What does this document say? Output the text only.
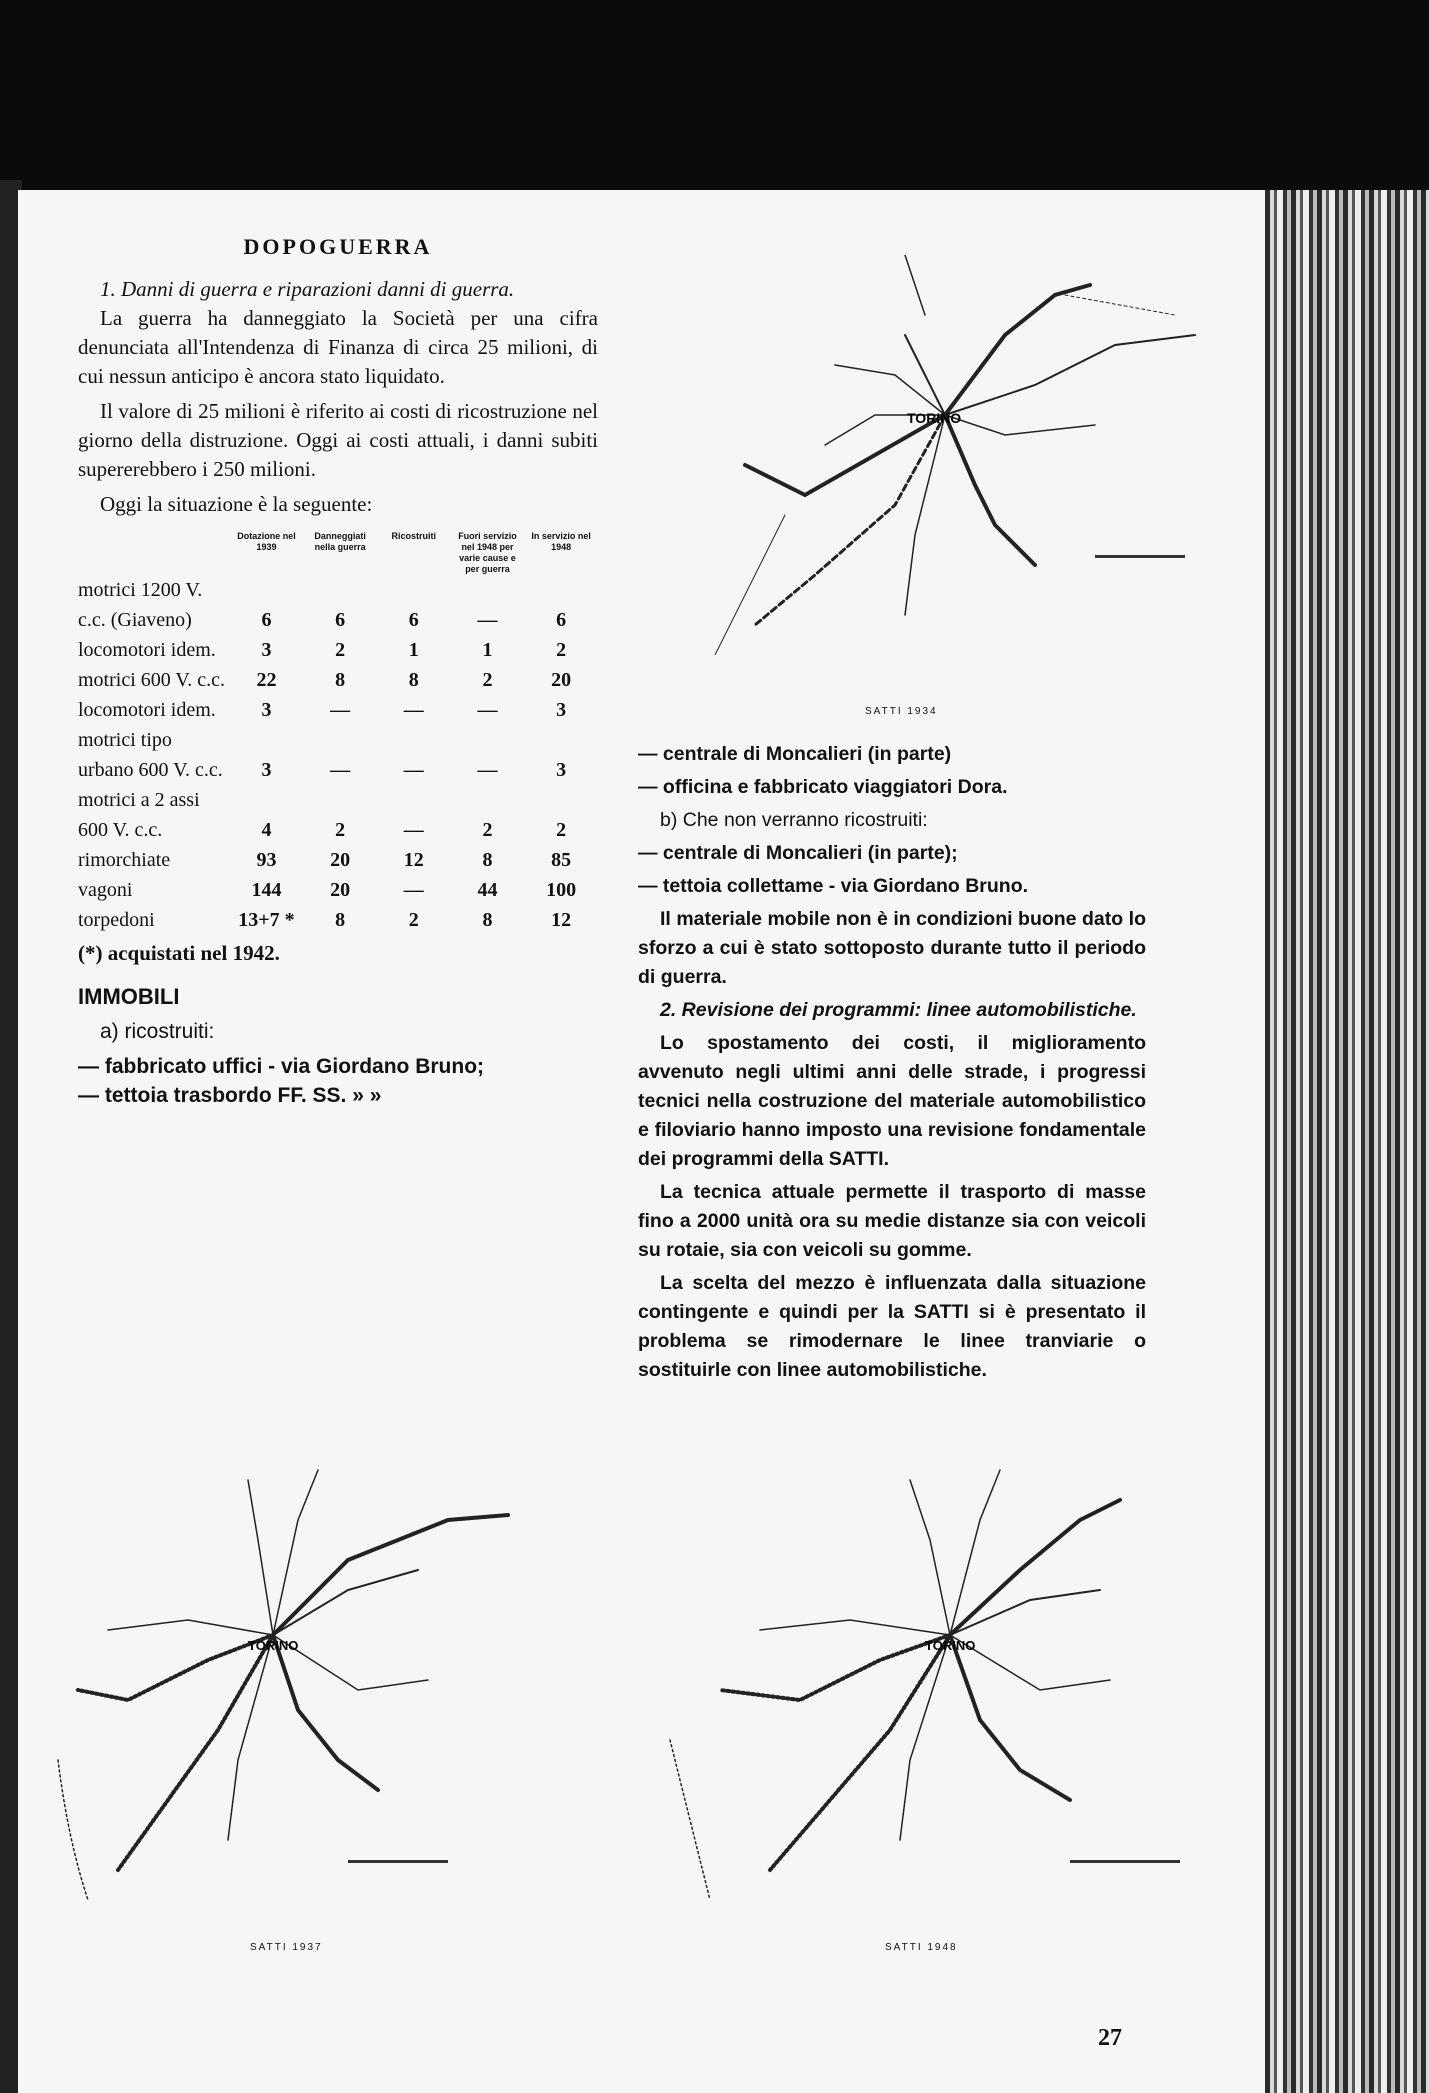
DOPOGUERRA

1. Danni di guerra e riparazioni danni di guerra.

La guerra ha danneggiato la Società per una cifra denunciata all'Intendenza di Finanza di circa 25 milioni, di cui nessun anticipo è ancora stato liquidato.

Il valore di 25 milioni è riferito ai costi di ricostruzione nel giorno della distruzione. Oggi ai costi attuali, i danni subiti supererebbero i 250 milioni.

Oggi la situazione è la seguente:

	Dotazione nel 1939	Danneggiati nella guerra	Ricostruiti	Fuori servizio nel 1948 per varie cause e per guerra	In servizio nel 1948
motrici 1200 V. c.c. (Giaveno)	6	6	6	—	6
locomotori idem.	3	2	1	1	2
motrici 600 V. c.c.	22	8	8	2	20
locomotori idem.	3	—	—	—	3
motrici tipo urbano 600 V. c.c.	3	—	—	—	3
motrici a 2 assi 600 V. c.c.	4	2	—	2	2
rimorchiate	93	20	12	8	85
vagoni	144	20	—	44	100
torpedoni	13+7 *	8	2	8	12

(*) acquistati nel 1942.

IMMOBILI

a) ricostruiti:

— fabbricato uffici - via Giordano Bruno;

— tettoia trasbordo FF. SS. » »

— centrale di Moncalieri (in parte)

— officina e fabbricato viaggiatori Dora.

b) Che non verranno ricostruiti:

— centrale di Moncalieri (in parte);

— tettoia collettame - via Giordano Bruno.

Il materiale mobile non è in condizioni buone dato lo sforzo a cui è stato sottoposto durante tutto il periodo di guerra.

2. Revisione dei programmi: linee automobilistiche.

Lo spostamento dei costi, il miglioramento avvenuto negli ultimi anni delle strade, i progressi tecnici nella costruzione del materiale automobilistico e filoviario hanno imposto una revisione fondamentale dei programmi della SATTI.

La tecnica attuale permette il trasporto di masse fino a 2000 unità ora su medie distanze sia con veicoli su rotaie, sia con veicoli su gomme.

La scelta del mezzo è influenzata dalla situazione contingente e quindi per la SATTI si è presentato il problema se rimodernare le linee tranviarie o sostituirle con linee automobilistiche.

TORINO
SATTI 1934
TORINO
SATTI 1937
TORINO
SATTI 1948
27
